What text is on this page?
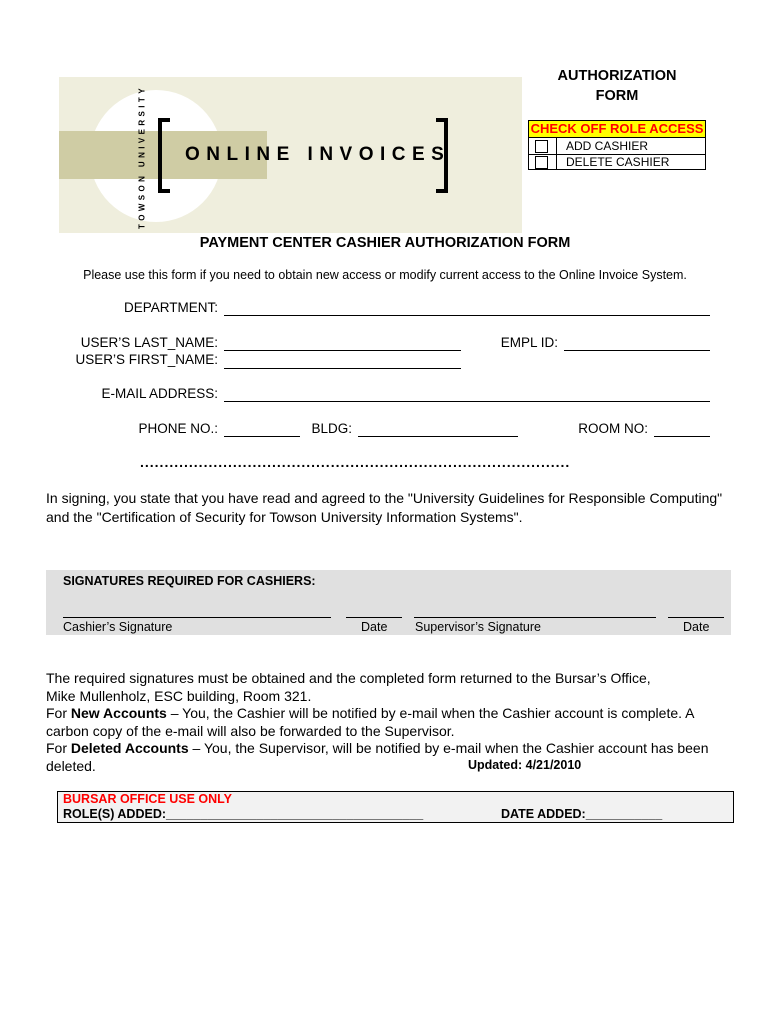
TOWSON UNIVERSITY ONLINE INVOICES
AUTHORIZATION
FORM
CHECK OFF ROLE ACCESS
ADD CASHIER
DELETE CASHIER
PAYMENT CENTER CASHIER AUTHORIZATION FORM
Please use this form if you need to obtain new access or modify current access to the Online Invoice System.
DEPARTMENT:
USER’S LAST_NAME:	EMPL ID:
USER’S FIRST_NAME:
E-MAIL ADDRESS:
PHONE NO.:	BLDG:	ROOM NO:
........................................................................................
In signing, you state that you have read and agreed to the "University Guidelines for Responsible Computing" and the "Certification of Security for Towson University Information Systems".
SIGNATURES REQUIRED FOR CASHIERS:
Cashier’s Signature	Date Supervisor’s Signature	Date
The required signatures must be obtained and the completed form returned to the Bursar’s Office,
Mike Mullenholz, ESC building, Room 321.
For New Accounts – You, the Cashier will be notified by e-mail when the Cashier account is complete. A carbon copy of the e-mail will also be forwarded to the Supervisor.
For Deleted Accounts – You, the Supervisor, will be notified by e-mail when the Cashier account has been deleted.	Updated: 4/21/2010
BURSAR OFFICE USE ONLY
ROLE(S) ADDED:_____________________________________	DATE ADDED:___________
